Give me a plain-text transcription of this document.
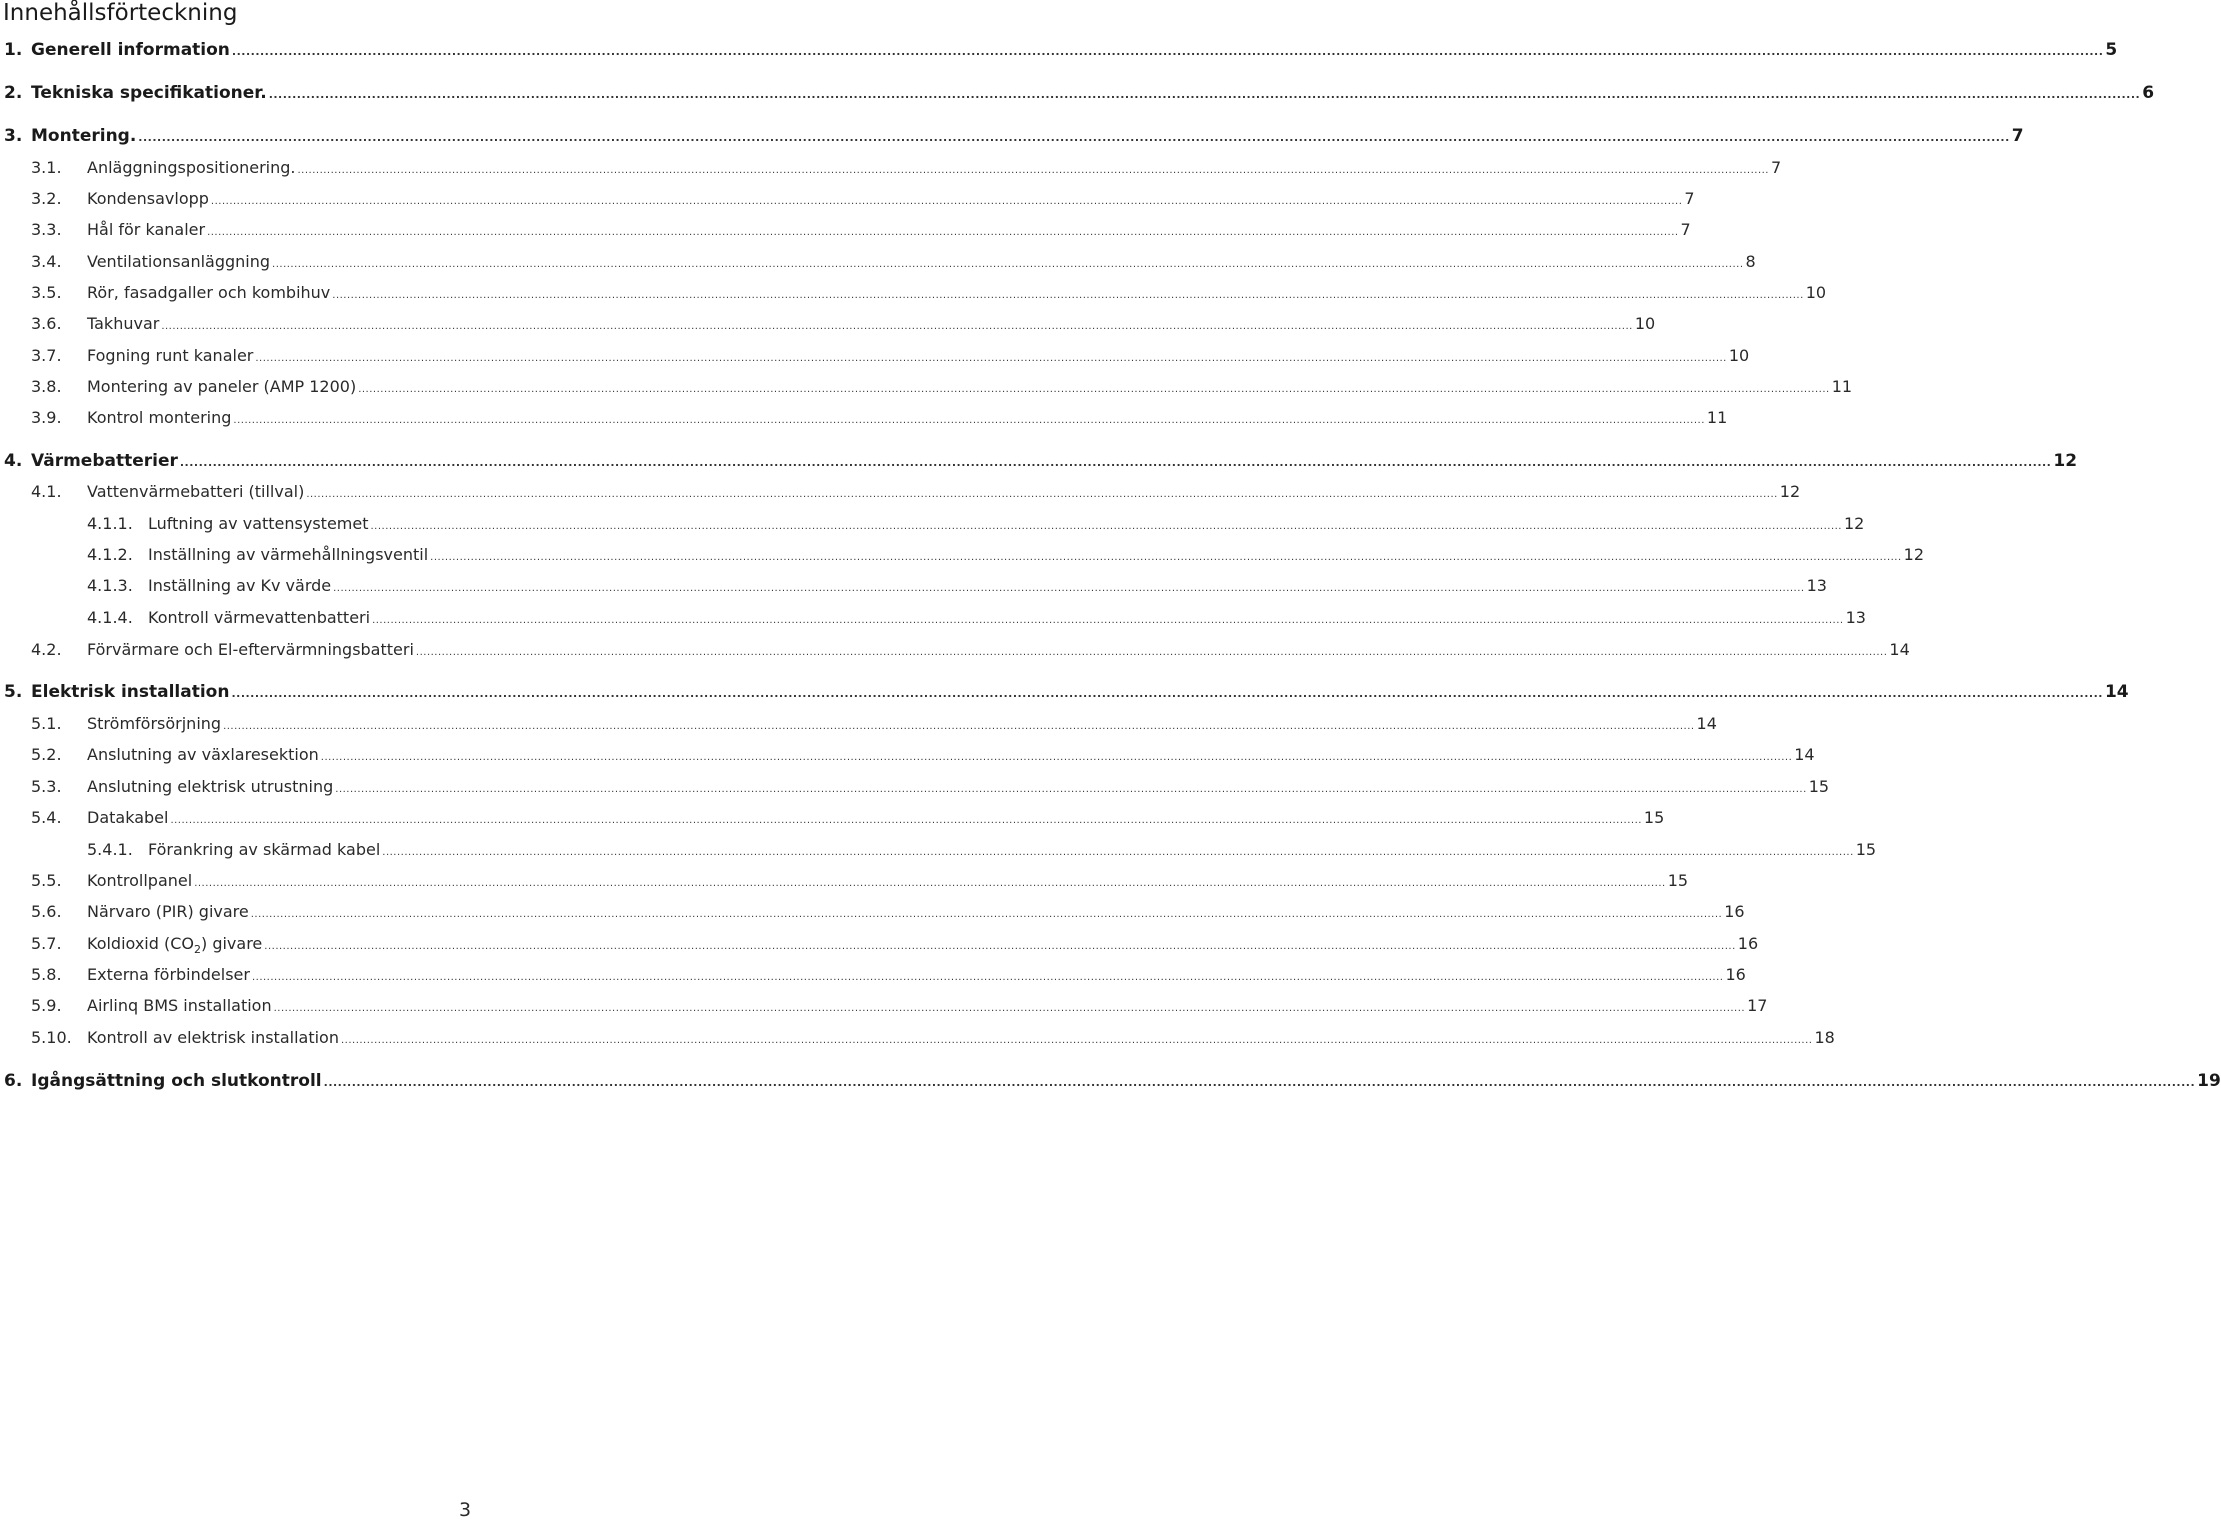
Innehållsförteckning
1. Generell information ................................................................................................................................................................................................................................................................................................................................................................................................................ 5
2. Tekniska specifikationer. ................................................................................................................................................................................................................................................................................................................................................................................................................ 6
3. Montering. ................................................................................................................................................................................................................................................................................................................................................................................................................ 7
3.1. Anläggningspositionering. ................................................................................................................................................................................................................................................................................................................................................................................................................ 7
3.2. Kondensavlopp ................................................................................................................................................................................................................................................................................................................................................................................................................ 7
3.3. Hål för kanaler ................................................................................................................................................................................................................................................................................................................................................................................................................ 7
3.4. Ventilationsanläggning ................................................................................................................................................................................................................................................................................................................................................................................................................ 8
3.5. Rör, fasadgaller och kombihuv ................................................................................................................................................................................................................................................................................................................................................................................................................ 10
3.6. Takhuvar ................................................................................................................................................................................................................................................................................................................................................................................................................ 10
3.7. Fogning runt kanaler ................................................................................................................................................................................................................................................................................................................................................................................................................ 10
3.8. Montering av paneler (AMP 1200) ................................................................................................................................................................................................................................................................................................................................................................................................................ 11
3.9. Kontrol montering ................................................................................................................................................................................................................................................................................................................................................................................................................ 11
4. Värmebatterier ................................................................................................................................................................................................................................................................................................................................................................................................................ 12
4.1. Vattenvärmebatteri (tillval) ................................................................................................................................................................................................................................................................................................................................................................................................................ 12
4.1.1. Luftning av vattensystemet ................................................................................................................................................................................................................................................................................................................................................................................................................ 12
4.1.2. Inställning av värmehållningsventil ................................................................................................................................................................................................................................................................................................................................................................................................................ 12
4.1.3. Inställning av Kv värde ................................................................................................................................................................................................................................................................................................................................................................................................................ 13
4.1.4. Kontroll värmevattenbatteri ................................................................................................................................................................................................................................................................................................................................................................................................................ 13
4.2. Förvärmare och El-eftervärmningsbatteri ................................................................................................................................................................................................................................................................................................................................................................................................................ 14
5. Elektrisk installation ................................................................................................................................................................................................................................................................................................................................................................................................................ 14
5.1. Strömförsörjning ................................................................................................................................................................................................................................................................................................................................................................................................................ 14
5.2. Anslutning av växlaresektion ................................................................................................................................................................................................................................................................................................................................................................................................................ 14
5.3. Anslutning elektrisk utrustning ................................................................................................................................................................................................................................................................................................................................................................................................................ 15
5.4. Datakabel ................................................................................................................................................................................................................................................................................................................................................................................................................ 15
5.4.1. Förankring av skärmad kabel ................................................................................................................................................................................................................................................................................................................................................................................................................ 15
5.5. Kontrollpanel ................................................................................................................................................................................................................................................................................................................................................................................................................ 15
5.6. Närvaro (PIR) givare ................................................................................................................................................................................................................................................................................................................................................................................................................ 16
5.7. Koldioxid $(CO_2)$ givare ................................................................................................................................................................................................................................................................................................................................................................................................................ 16
5.8. Externa förbindelser ................................................................................................................................................................................................................................................................................................................................................................................................................ 16
5.9. Airlinq BMS installation ................................................................................................................................................................................................................................................................................................................................................................................................................ 17
5.10. Kontroll av elektrisk installation ................................................................................................................................................................................................................................................................................................................................................................................................................ 18
6. Igångsättning och slutkontroll ................................................................................................................................................................................................................................................................................................................................................................................................................ 19
3
